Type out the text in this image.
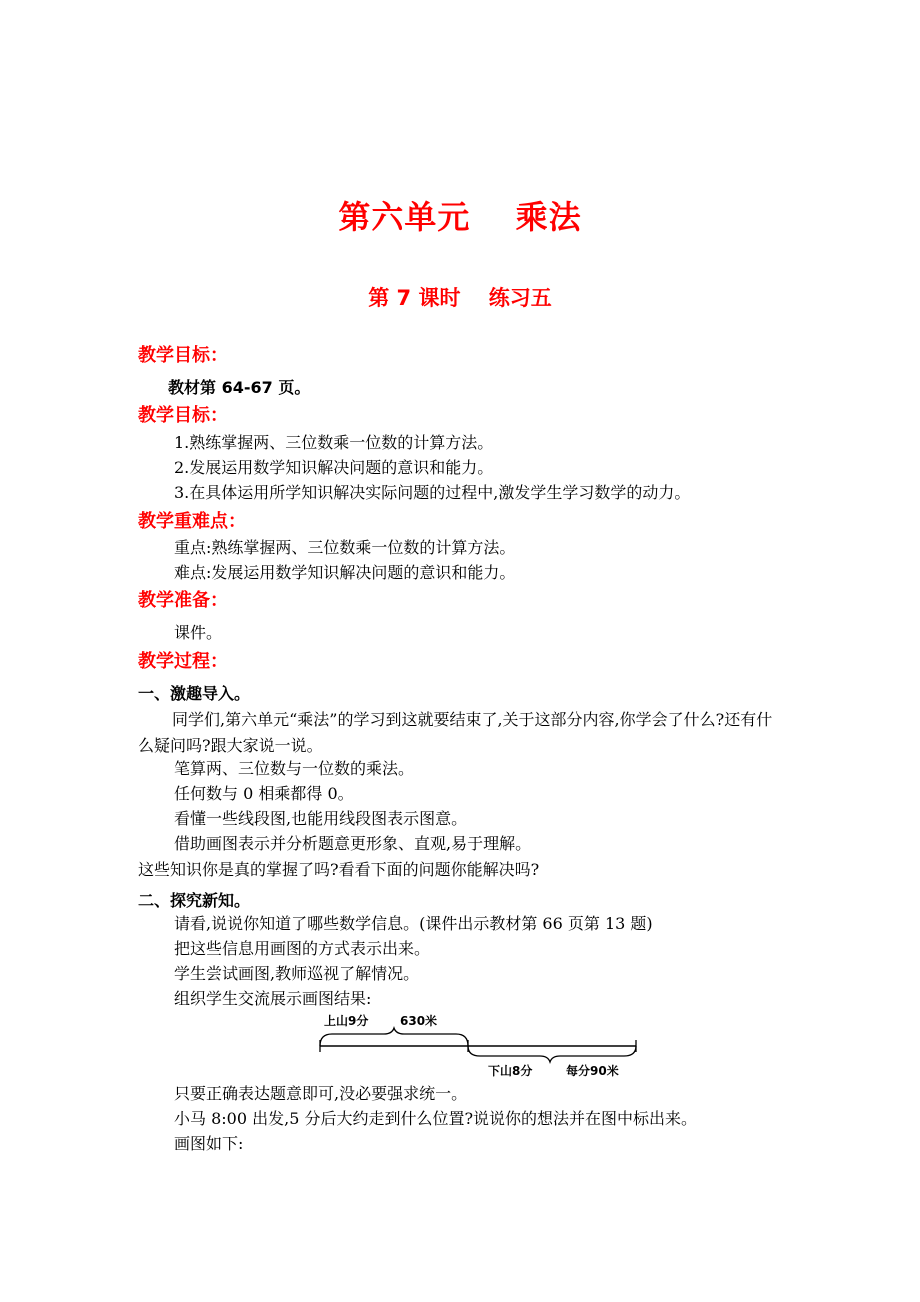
第六单元　 乘法
第 7 课时　 练习五
教学目标：
教材第 64-67 页。
教学目标：
1.熟练掌握两、三位数乘一位数的计算方法。
2.发展运用数学知识解决问题的意识和能力。
3.在具体运用所学知识解决实际问题的过程中,激发学生学习数学的动力。
教学重难点：
重点:熟练掌握两、三位数乘一位数的计算方法。
难点:发展运用数学知识解决问题的意识和能力。
教学准备：
课件。
教学过程：
一、激趣导入。
同学们,第六单元“乘法”的学习到这就要结束了,关于这部分内容,你学会了什么?还有什么疑问吗?跟大家说一说。
笔算两、三位数与一位数的乘法。
任何数与 0 相乘都得 0。
看懂一些线段图,也能用线段图表示图意。
借助画图表示并分析题意更形象、直观,易于理解。
这些知识你是真的掌握了吗?看看下面的问题你能解决吗?
二、探究新知。
请看,说说你知道了哪些数学信息。(课件出示教材第 66 页第 13 题)
把这些信息用画图的方式表示出来。
学生尝试画图,教师巡视了解情况。
组织学生交流展示画图结果:
上山9分	630米
下山8分	每分90米
只要正确表达题意即可,没必要强求统一。
小马 8:00 出发,5 分后大约走到什么位置?说说你的想法并在图中标出来。
画图如下:
